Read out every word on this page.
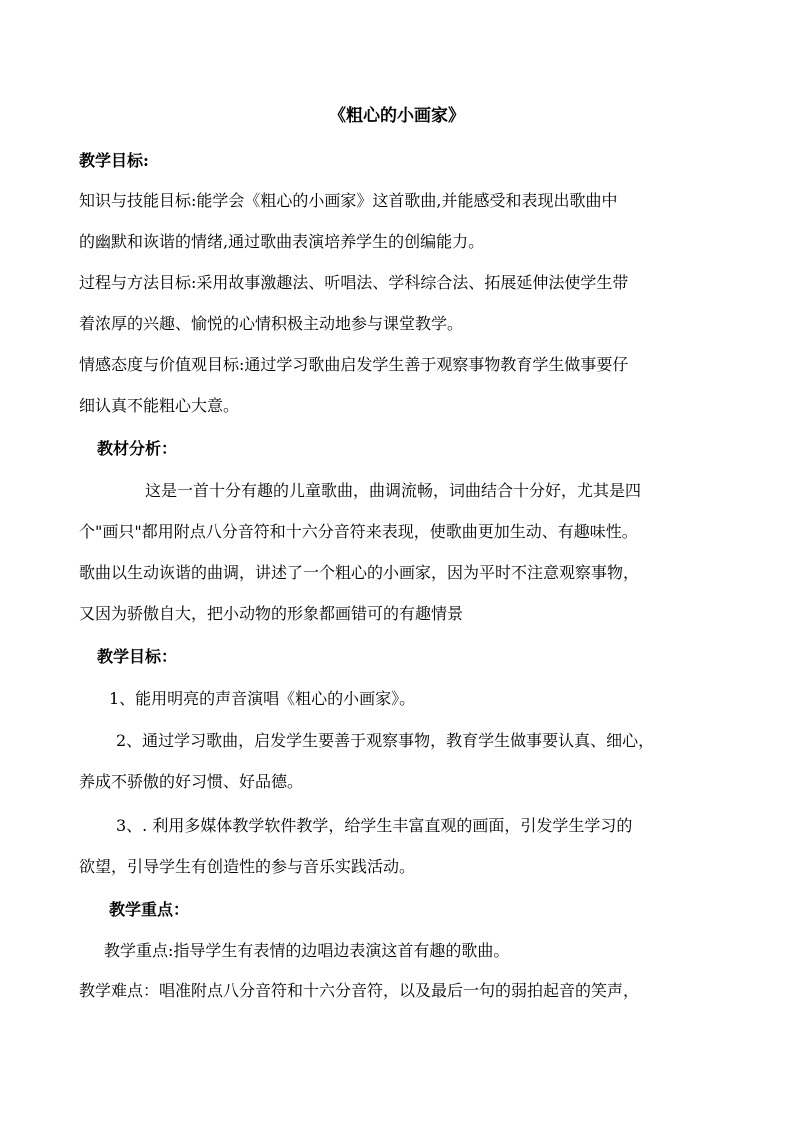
《粗心的小画家》

教学目标:

知识与技能目标:能学会《粗心的小画家》这首歌曲,并能感受和表现出歌曲中

的幽默和诙谐的情绪,通过歌曲表演培养学生的创编能力。

过程与方法目标:采用故事激趣法、听唱法、学科综合法、拓展延伸法使学生带

着浓厚的兴趣、愉悦的心情积极主动地参与课堂教学。

情感态度与价值观目标:通过学习歌曲启发学生善于观察事物教育学生做事要仔

细认真不能粗心大意。

教材分析：

这是一首十分有趣的儿童歌曲，曲调流畅，词曲结合十分好，尤其是四

个"画只"都用附点八分音符和十六分音符来表现，使歌曲更加生动、有趣味性。

歌曲以生动诙谐的曲调，讲述了一个粗心的小画家，因为平时不注意观察事物，

又因为骄傲自大，把小动物的形象都画错可的有趣情景

教学目标：

1、能用明亮的声音演唱《粗心的小画家》。

2、通过学习歌曲，启发学生要善于观察事物，教育学生做事要认真、细心，

养成不骄傲的好习惯、好品德。

3、. 利用多媒体教学软件教学，给学生丰富直观的画面，引发学生学习的

欲望，引导学生有创造性的参与音乐实践活动。

教学重点：

教学重点:指导学生有表情的边唱边表演这首有趣的歌曲。

教学难点：唱准附点八分音符和十六分音符，以及最后一句的弱拍起音的笑声，
